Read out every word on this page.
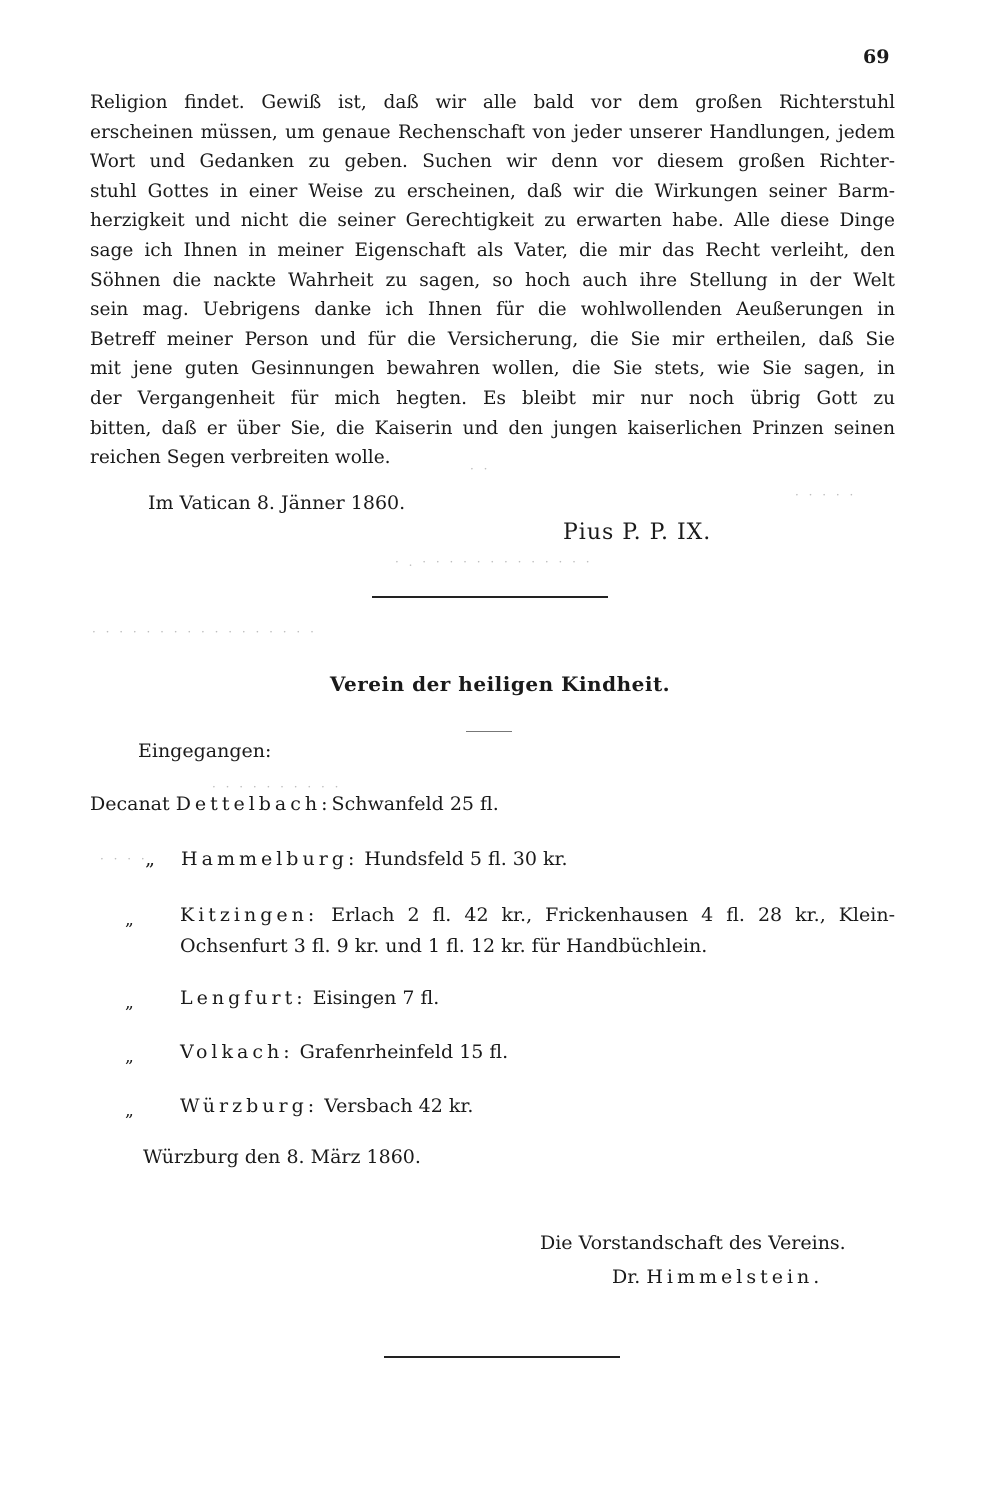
69
Religion findet. Gewiß ist, daß wir alle bald vor dem großen Richterstuhl
erscheinen müssen, um genaue Rechenschaft von jeder unserer Handlungen, jedem
Wort und Gedanken zu geben. Suchen wir denn vor diesem großen Richter-
stuhl Gottes in einer Weise zu erscheinen, daß wir die Wirkungen seiner Barm-
herzigkeit und nicht die seiner Gerechtigkeit zu erwarten habe. Alle diese Dinge
sage ich Ihnen in meiner Eigenschaft als Vater, die mir das Recht verleiht, den
Söhnen die nackte Wahrheit zu sagen, so hoch auch ihre Stellung in der Welt
sein mag. Uebrigens danke ich Ihnen für die wohlwollenden Aeußerungen in
Betreff meiner Person und für die Versicherung, die Sie mir ertheilen, daß Sie
mit jene guten Gesinnungen bewahren wollen, die Sie stets, wie Sie sagen, in
der Vergangenheit für mich hegten. Es bleibt mir nur noch übrig Gott zu
bitten, daß er über Sie, die Kaiserin und den jungen kaiserlichen Prinzen seinen
reichen Segen verbreiten wolle.
· ·
· · · · ·
· . · · · · · · · · · · · · ·
· · · · · · · · · · · · · · · · ·
· · · · · · · · · ·
· · · ·
Im Vatican 8. Jänner 1860.
Pius P. P. IX.
Verein der heiligen Kindheit.
Eingegangen:
Decanat Dettelbach:Schwanfeld 25 fl.
„ Hammelburg: Hundsfeld 5 fl. 30 kr.
„ Kitzingen: Erlach 2 fl. 42 kr., Frickenhausen 4 fl. 28 kr., Klein-
Ochsenfurt 3 fl. 9 kr. und 1 fl. 12 kr. für Handbüchlein.
„ Lengfurt: Eisingen 7 fl.
„ Volkach: Grafenrheinfeld 15 fl.
„ Würzburg: Versbach 42 kr.
Würzburg den 8. März 1860.
Die Vorstandschaft des Vereins.
Dr. Himmelstein.
